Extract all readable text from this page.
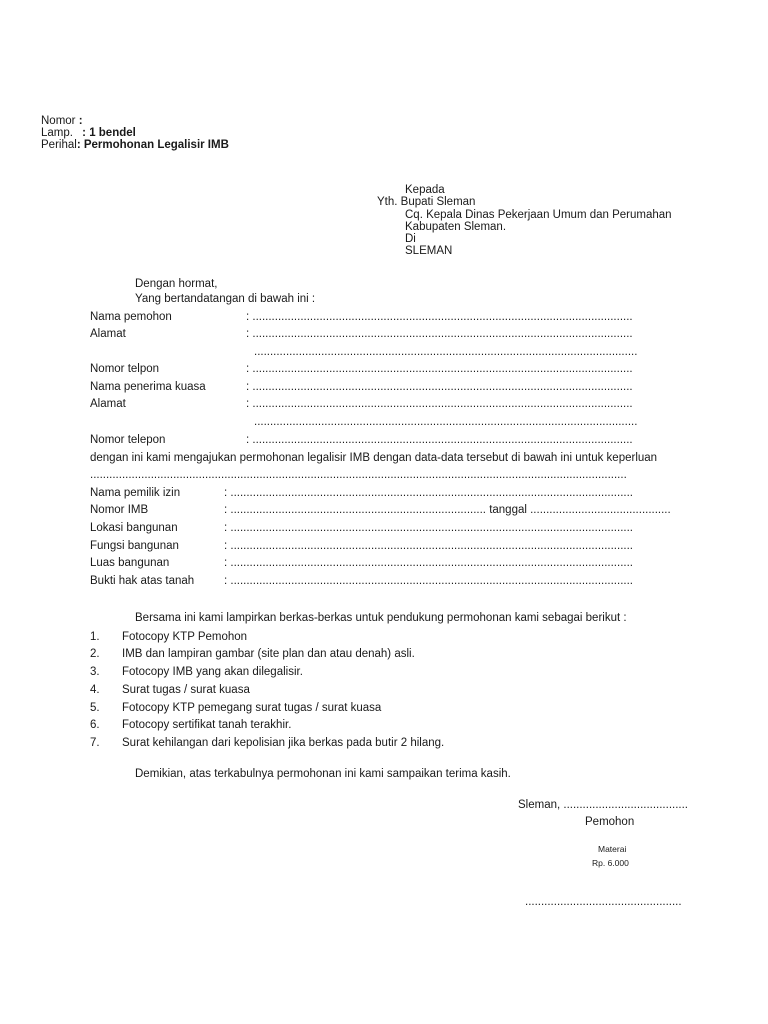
Nomor :
Lamp. : 1 bendel
Perihal: Permohonan Legalisir IMB
Kepada
Yth. Bupati Sleman
Cq. Kepala Dinas Pekerjaan Umum dan Perumahan
Kabupaten Sleman.
Di
SLEMAN
Dengan hormat,
Yang bertandatangan di bawah ini :
Nama pemohon	: .......................................................................................................................
Alamat	: .......................................................................................................................
........................................................................................................................
Nomor telpon	: .......................................................................................................................
Nama penerima kuasa	: .......................................................................................................................
Alamat	: .......................................................................................................................
........................................................................................................................
Nomor telepon	: .......................................................................................................................
dengan ini kami mengajukan permohonan legalisir IMB dengan data-data tersebut di bawah ini untuk keperluan
........................................................................................................................................................................
Nama pemilik izin	: ..............................................................................................................................
Nomor IMB	: ................................................................................ tanggal ............................................
Lokasi bangunan	: ..............................................................................................................................
Fungsi bangunan	: ..............................................................................................................................
Luas bangunan	: ..............................................................................................................................
Bukti hak atas tanah	: ..............................................................................................................................
Bersama ini kami lampirkan berkas-berkas untuk pendukung permohonan kami sebagai berikut :
1. Fotocopy KTP Pemohon
2. IMB dan lampiran gambar (site plan dan atau denah) asli.
3. Fotocopy IMB yang akan dilegalisir.
4. Surat tugas / surat kuasa
5. Fotocopy KTP pemegang surat tugas / surat kuasa
6. Fotocopy sertifikat tanah terakhir.
7. Surat kehilangan dari kepolisian jika berkas pada butir 2 hilang.
Demikian, atas terkabulnya permohonan ini kami sampaikan terima kasih.
Sleman, .......................................
Pemohon
Materai
Rp. 6.000
.................................................
